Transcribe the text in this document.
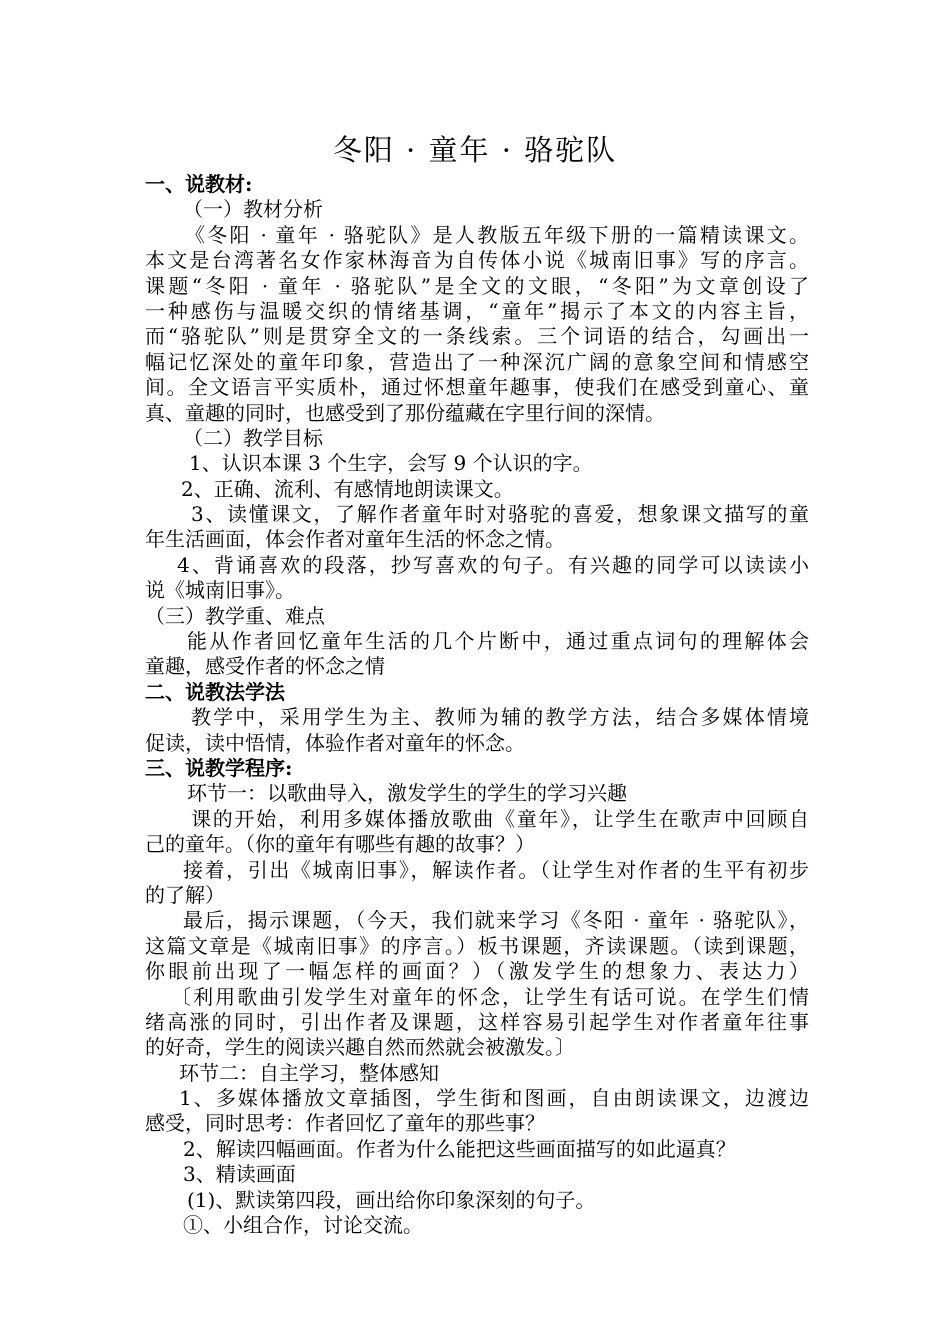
冬阳 · 童年 · 骆驼队
一、说教材:
（一）教材分析
《冬阳 · 童年 · 骆驼队》是人教版五年级下册的一篇精读课文。
本文是台湾著名女作家林海音为自传体小说《城南旧事》写的序言。
课题“冬阳 · 童年 · 骆驼队”是全文的文眼，“冬阳”为文章创设了
一种感伤与温暖交织的情绪基调，“童年”揭示了本文的内容主旨，
而“骆驼队”则是贯穿全文的一条线索。三个词语的结合，勾画出一
幅记忆深处的童年印象，营造出了一种深沉广阔的意象空间和情感空
间。全文语言平实质朴，通过怀想童年趣事，使我们在感受到童心、童
真、童趣的同时，也感受到了那份蕴藏在字里行间的深情。
（二）教学目标
1、认识本课 3 个生字，会写 9 个认识的字。
2、正确、流利、有感情地朗读课文。
3、读懂课文，了解作者童年时对骆驼的喜爱，想象课文描写的童
年生活画面，体会作者对童年生活的怀念之情。
4、背诵喜欢的段落，抄写喜欢的句子。有兴趣的同学可以读读小
说《城南旧事》。
（三）教学重、难点
能从作者回忆童年生活的几个片断中，通过重点词句的理解体会
童趣，感受作者的怀念之情
二、说教法学法
教学中，采用学生为主、教师为辅的教学方法，结合多媒体情境
促读，读中悟情，体验作者对童年的怀念。
三、说教学程序:
环节一：以歌曲导入，激发学生的学生的学习兴趣
课的开始，利用多媒体播放歌曲《童年》，让学生在歌声中回顾自
己的童年。（你的童年有哪些有趣的故事？）
接着，引出《城南旧事》，解读作者。（让学生对作者的生平有初步
的了解）
最后，揭示课题，（今天，我们就来学习《冬阳 · 童年 · 骆驼队》，
这篇文章是《城南旧事》的序言。）板书课题，齐读课题。（读到课题，
你眼前出现了一幅怎样的画面？）（激发学生的想象力、表达力）
〔利用歌曲引发学生对童年的怀念，让学生有话可说。在学生们情
绪高涨的同时，引出作者及课题，这样容易引起学生对作者童年往事
的好奇，学生的阅读兴趣自然而然就会被激发。〕
环节二：自主学习，整体感知
1、多媒体播放文章插图，学生街和图画，自由朗读课文，边渡边
感受，同时思考：作者回忆了童年的那些事？
2、解读四幅画面。作者为什么能把这些画面描写的如此逼真？
3、精读画面
(1)、默读第四段，画出给你印象深刻的句子。
①、小组合作，讨论交流。
